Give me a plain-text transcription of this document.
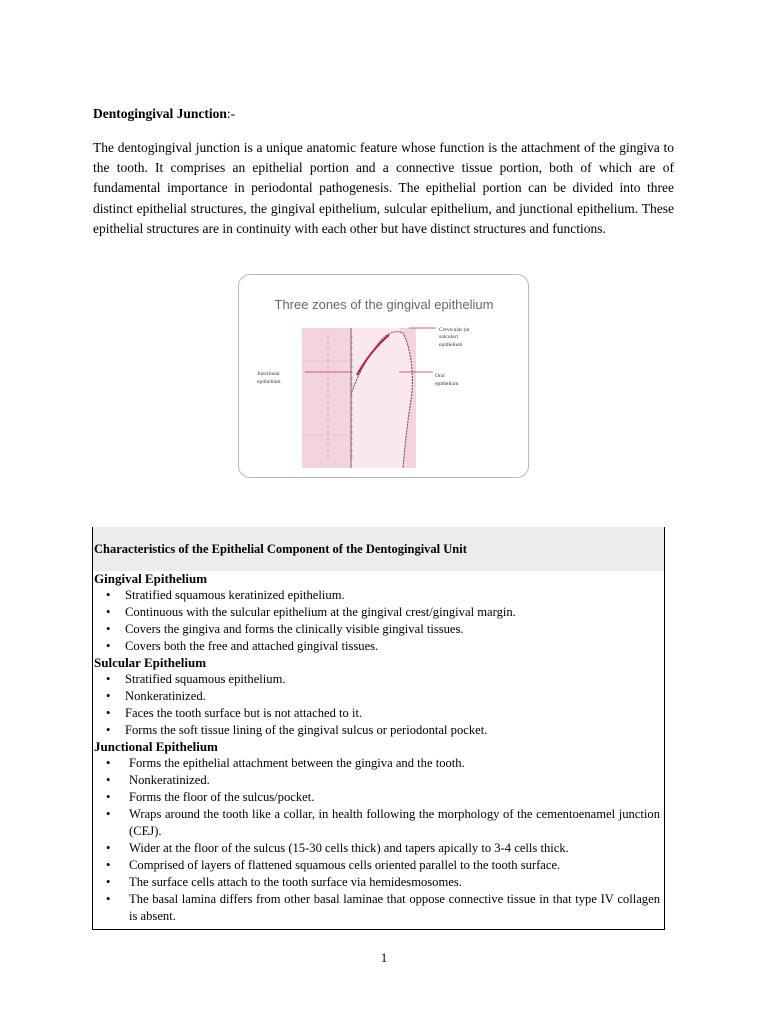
Dentogingival Junction:-

The dentogingival junction is a unique anatomic feature whose function is the attachment of the gingiva to the tooth. It comprises an epithelial portion and a connective tissue portion, both of which are of fundamental importance in periodontal pathogenesis. The epithelial portion can be divided into three distinct epithelial structures, the gingival epithelium, sulcular epithelium, and junctional epithelium. These epithelial structures are in continuity with each other but have distinct structures and functions.

Three zones of the gingival epithelium
Crevicular (or
sulcular)
epithelium
Junctional
epithelium
Oral
epithelium
Characteristics of the Epithelial Component of the Dentogingival Unit
Gingival Epithelium
• Stratified squamous keratinized epithelium.
• Continuous with the sulcular epithelium at the gingival crest/gingival margin.
• Covers the gingiva and forms the clinically visible gingival tissues.
• Covers both the free and attached gingival tissues.
Sulcular Epithelium
• Stratified squamous epithelium.
• Nonkeratinized.
• Faces the tooth surface but is not attached to it.
• Forms the soft tissue lining of the gingival sulcus or periodontal pocket.
Junctional Epithelium
• Forms the epithelial attachment between the gingiva and the tooth.
• Nonkeratinized.
• Forms the floor of the sulcus/pocket.
• Wraps around the tooth like a collar, in health following the morphology of the cementoenamel junction (CEJ).
• Wider at the floor of the sulcus (15-30 cells thick) and tapers apically to 3-4 cells thick.
• Comprised of layers of flattened squamous cells oriented parallel to the tooth surface.
• The surface cells attach to the tooth surface via hemidesmosomes.
• The basal lamina differs from other basal laminae that oppose connective tissue in that type IV collagen is absent.
1
